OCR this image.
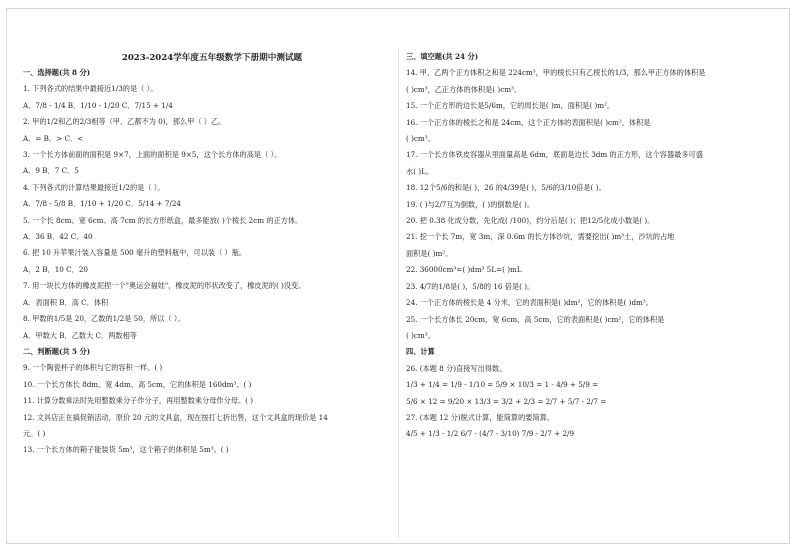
2023-2024学年度五年级数学下册期中测试题
一、选择题(共 8 分)
1. 下列各式的结果中最接近1/3的是（ ）。
A．7/8 - 1/4 B．1/10 - 1/20 C．7/15 + 1/4
2. 甲的1/2和乙的2/3相等（甲、乙都不为 0)，那么甲（ ）乙。
A．= B．> C．<
3. 一个长方体前面的面积是 9×7，上面的面积是 9×5，这个长方体的高是（ ）。
A．9 B．7 C．5
4. 下列各式的计算结果最接近1/2的是（ ）。
A．7/8 - 5/8 B．1/10 + 1/20 C．5/14 + 7/24
5. 一个长 8cm、宽 6cm、高 7cm 的长方形纸盒，最多能放( )个棱长 2cm 的正方体。
A．36 B．42 C．40
6. 把 10 升苹果汁装入容量是 500 毫升的塑料瓶中，可以装（ ）瓶。
A．2 B．10 C．20
7. 用一块长方体的橡皮泥捏一个"奥运会福娃"，橡皮泥的形状改变了，橡皮泥的( )没变。
A．表面积 B．高 C．体积
8. 甲数的1/5是 20，乙数的1/2是 50，所以（ ）。
A．甲数大 B．乙数大 C．两数相等
二、判断题(共 5 分)
9. 一个陶瓷杯子的体积与它的容积一样。( )
10. 一个长方体长 8dm、宽 4dm、高 5cm，它的体积是 160dm³。( )
11. 计算分数乘法时先用整数乘分子作分子，再用整数乘分母作分母。( )
12. 文具店正在搞促销活动，原价 20 元的文具盒，现在按打七折出售，这个文具盒的现价是 14
元。( )
13. 一个长方体的箱子能装货 5m³，这个箱子的体积是 5m³。( )
三、填空题(共 24 分)
14. 甲、乙两个正方体积之和是 224cm³，甲的棱长只有乙棱长的1/3，那么甲正方体的体积是
( )cm³，乙正方体的体积是( )cm³。
15. 一个正方形的边长是5/6m，它的周长是( )m，面积是( )m²。
16. 一个正方体的棱长之和是 24cm，这个正方体的表面积是( )cm²，体积是
( )cm³。
17. 一个长方体铁皮容器从里面量高是 6dm，底面是边长 3dm 的正方形，这个容器最多可盛
水( )L。
18. 12个5/6的和是( )，26 的4/39是( )，5/6的3/10倍是( )。
19. ( )与2/7互为倒数，( )的倒数是( )。
20. 把 0.38 化成分数，先化成( /100)，约分后是( )；把12/5化成小数是( )。
21. 挖一个长 7m，宽 3m，深 0.6m 的长方体沙坑，需要挖出( )m³土，沙坑的占地
面积是( )m²。
22. 36000cm³=( )dm³ 5L=( )mL
23. 4/7的1/8是( )，5/8的 16 倍是( )。
24. 一个正方体的棱长是 4 分米，它的表面积是( )dm²，它的体积是( )dm³。
25. 一个长方体长 20cm，宽 6cm，高 5cm，它的表面积是( )cm²，它的体积是
( )cm³。
四、计算
26. (本题 8 分)直接写出得数。
1/3 + 1/4 = 1/9 - 1/10 = 5/9 × 10/3 = 1 - 4/9 + 5/9 =
5/6 × 12 = 9/20 × 13/3 = 3/2 + 2/3 = 2/7 + 5/7 - 2/7 =
27. (本题 12 分)脱式计算，能简算的要简算。
4/5 + 1/3 - 1/2 6/7 - (4/7 - 3/10) 7/9 - 2/7 + 2/9
